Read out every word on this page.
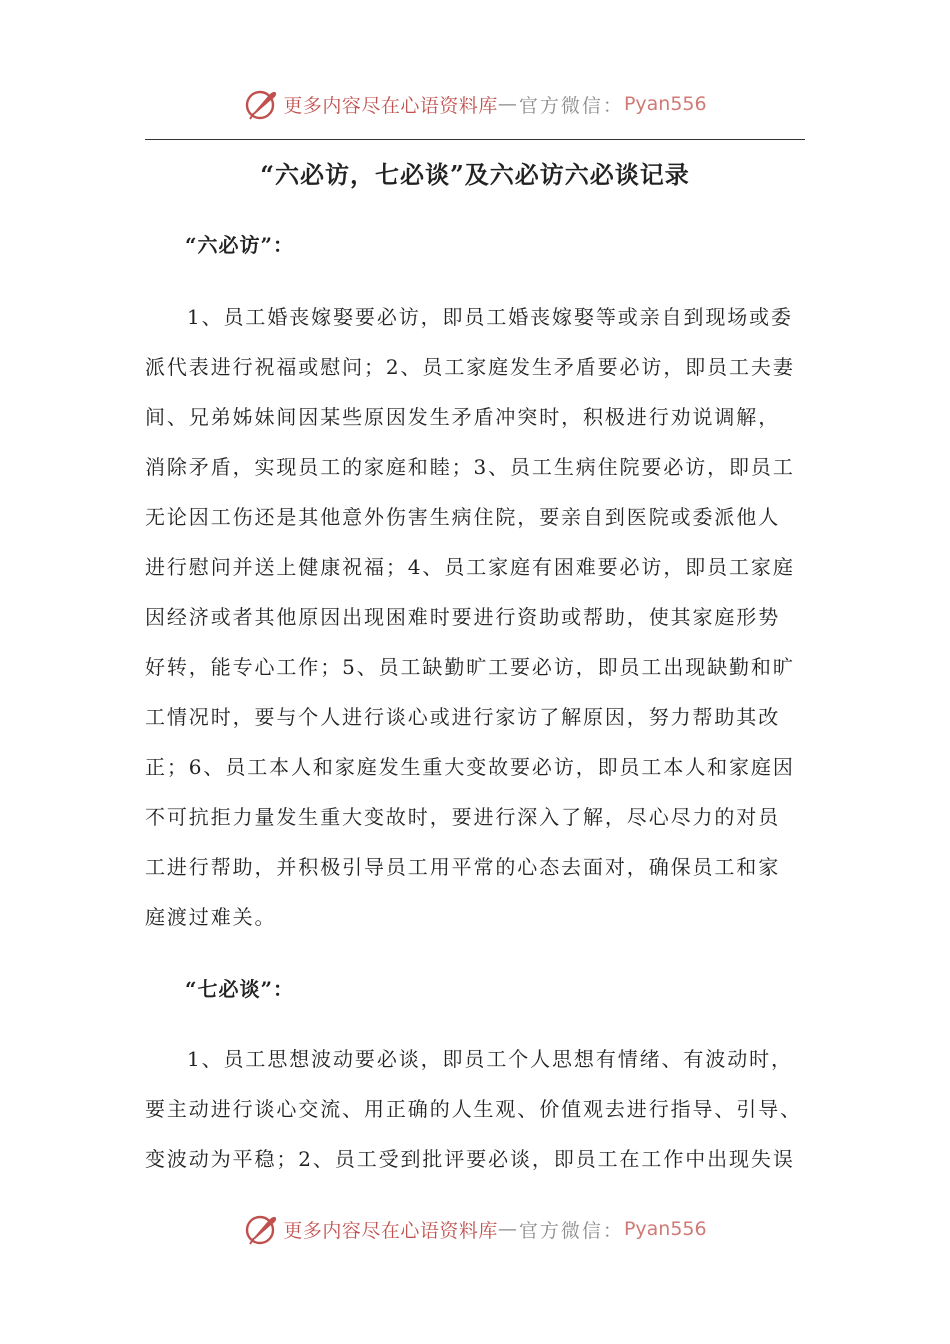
更多内容尽在心语资料库 — 官方微信： Pyan556
“六必访，七必谈”及六必访六必谈记录
“六必访”：
1、员工婚丧嫁娶要必访，即员工婚丧嫁娶等或亲自到现场或委
派代表进行祝福或慰问；2、员工家庭发生矛盾要必访，即员工夫妻
间、兄弟姊妹间因某些原因发生矛盾冲突时，积极进行劝说调解，
消除矛盾，实现员工的家庭和睦；3、员工生病住院要必访，即员工
无论因工伤还是其他意外伤害生病住院，要亲自到医院或委派他人
进行慰问并送上健康祝福；4、员工家庭有困难要必访，即员工家庭
因经济或者其他原因出现困难时要进行资助或帮助，使其家庭形势
好转，能专心工作；5、员工缺勤旷工要必访，即员工出现缺勤和旷
工情况时，要与个人进行谈心或进行家访了解原因，努力帮助其改
正；6、员工本人和家庭发生重大变故要必访，即员工本人和家庭因
不可抗拒力量发生重大变故时，要进行深入了解，尽心尽力的对员
工进行帮助，并积极引导员工用平常的心态去面对，确保员工和家
庭渡过难关。
“七必谈”：
1、员工思想波动要必谈，即员工个人思想有情绪、有波动时，
要主动进行谈心交流、用正确的人生观、价值观去进行指导、引导、
变波动为平稳；2、员工受到批评要必谈，即员工在工作中出现失误
更多内容尽在心语资料库 — 官方微信： Pyan556
